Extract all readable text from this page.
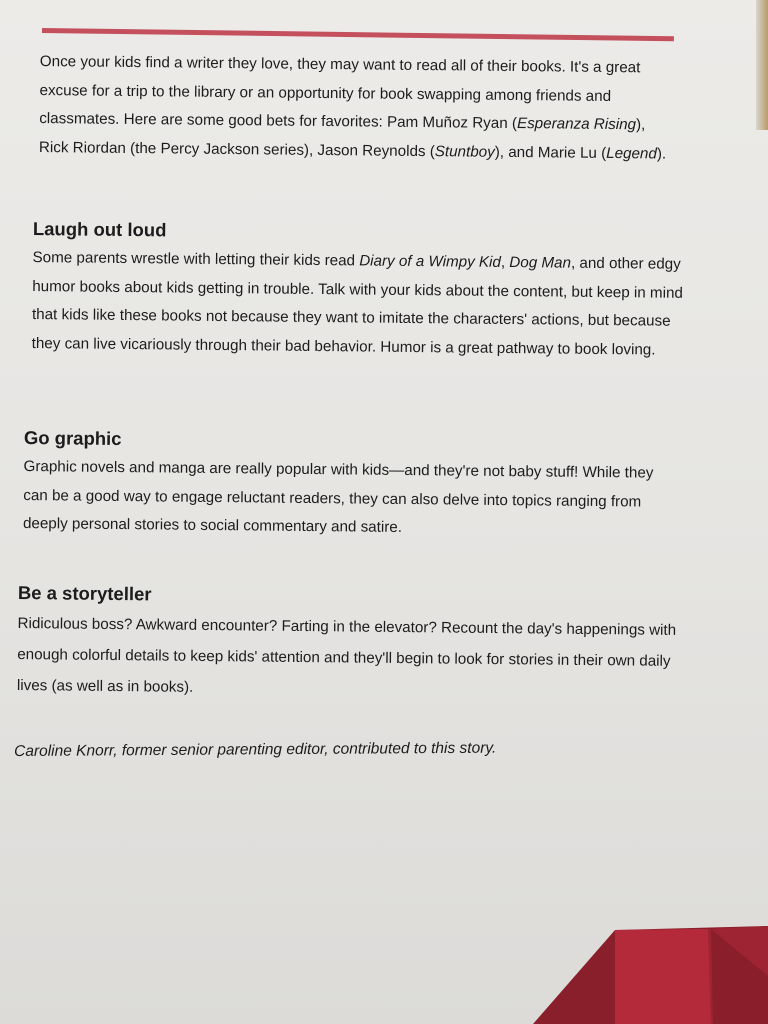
Once your kids find a writer they love, they may want to read all of their books. It's a great excuse for a trip to the library or an opportunity for book swapping among friends and classmates. Here are some good bets for favorites: Pam Muñoz Ryan (Esperanza Rising), Rick Riordan (the Percy Jackson series), Jason Reynolds (Stuntboy), and Marie Lu (Legend).

Laugh out loud

Some parents wrestle with letting their kids read Diary of a Wimpy Kid, Dog Man, and other edgy humor books about kids getting in trouble. Talk with your kids about the content, but keep in mind that kids like these books not because they want to imitate the characters' actions, but because they can live vicariously through their bad behavior. Humor is a great pathway to book loving.

Go graphic

Graphic novels and manga are really popular with kids—and they're not baby stuff! While they can be a good way to engage reluctant readers, they can also delve into topics ranging from deeply personal stories to social commentary and satire.

Be a storyteller

Ridiculous boss? Awkward encounter? Farting in the elevator? Recount the day's happenings with enough colorful details to keep kids' attention and they'll begin to look for stories in their own daily lives (as well as in books).

Caroline Knorr, former senior parenting editor, contributed to this story.
